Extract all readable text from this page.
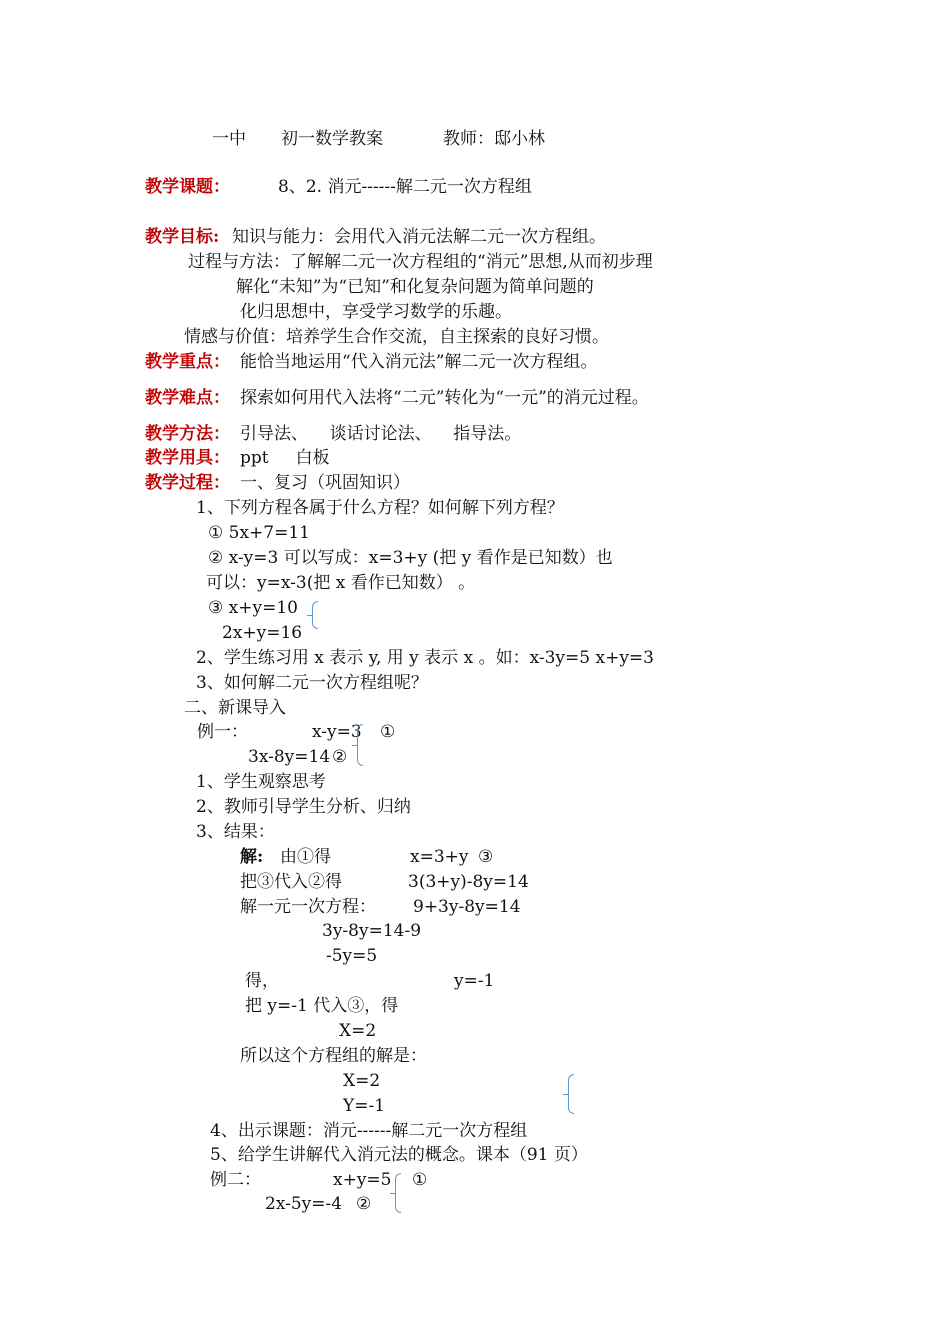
一中 初一数学教案	教师：邸小林
教学课题：	8、2. 消元------解二元一次方程组
教学目标: 知识与能力：会用代入消元法解二元一次方程组。
过程与方法：了解解二元一次方程组的“消元”思想,从而初步理
解化“未知”为“已知”和化复杂问题为简单问题的
化归思想中，享受学习数学的乐趣。
情感与价值：培养学生合作交流，自主探索的良好习惯。
教学重点： 能恰当地运用“代入消元法”解二元一次方程组。
教学难点： 探索如何用代入法将“二元”转化为“一元”的消元过程。
教学方法： 引导法、    谈话讨论法、    指导法。
教学用具： ppt     白板
教学过程： 一、复习（巩固知识）
1、下列方程各属于什么方程？如何解下列方程？
① 5x+7=11
② x-y=3 可以写成：x=3+y (把 y 看作是已知数）也
可以：y=x-3(把 x 看作已知数） 。
③ x+y=10
2x+y=16
2、学生练习用 x 表示 y, 用 y 表示 x 。如：x-3y=5 x+y=3
3、如何解二元一次方程组呢？
二、新课导入
例一：	x-y=3 ①
3x-8y=14 ②
1、学生观察思考
2、教师引导学生分析、归纳
3、结果：
解: 由①得	x=3+y ③
把③代入②得	3(3+y)-8y=14
解一元一次方程： 9+3y-8y=14
3y-8y=14-9
-5y=5
得，	y=-1
把 y=-1 代入③，得
X=2
所以这个方程组的解是：
X=2
Y=-1
4、出示课题：消元------解二元一次方程组
5、给学生讲解代入消元法的概念。课本（91 页）
例二：	x+y=5 ①
2x-5y=-4 ②
